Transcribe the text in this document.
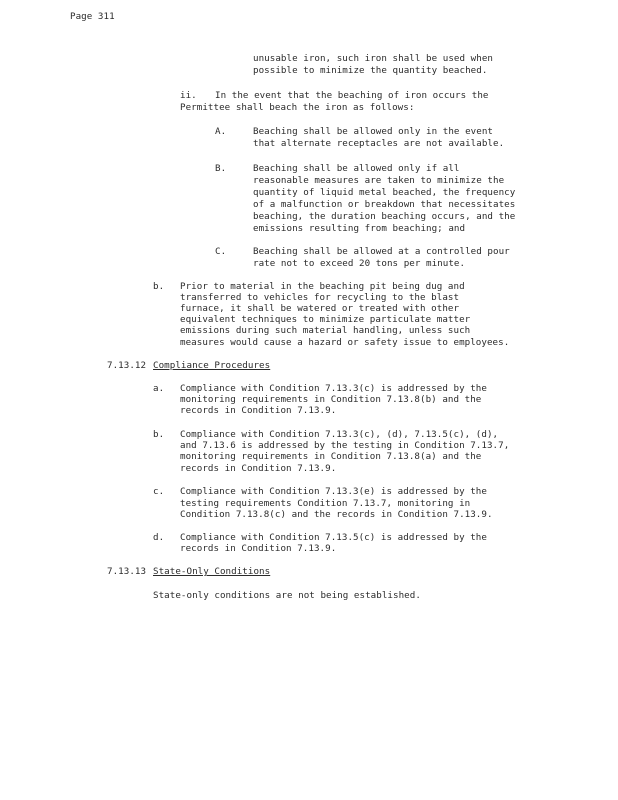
Page 311

unusable iron, such iron shall be used when

possible to minimize the quantity beached.

ii. In the event that the beaching of iron occurs the

Permittee shall beach the iron as follows:

A.	Beaching shall be allowed only in the event

that alternate receptacles are not available.

B.	Beaching shall be allowed only if all

reasonable measures are taken to minimize the

quantity of liquid metal beached, the frequency

of a malfunction or breakdown that necessitates

beaching, the duration beaching occurs, and the

emissions resulting from beaching; and

C.	Beaching shall be allowed at a controlled pour

rate not to exceed 20 tons per minute.

b. Prior to material in the beaching pit being dug and

transferred to vehicles for recycling to the blast

furnace, it shall be watered or treated with other

equivalent techniques to minimize particulate matter

emissions during such material handling, unless such

measures would cause a hazard or safety issue to employees.

7.13.12 Compliance Procedures

a. Compliance with Condition 7.13.3(c) is addressed by the

monitoring requirements in Condition 7.13.8(b) and the

records in Condition 7.13.9.

b. Compliance with Condition 7.13.3(c), (d), 7.13.5(c), (d),

and 7.13.6 is addressed by the testing in Condition 7.13.7,

monitoring requirements in Condition 7.13.8(a) and the

records in Condition 7.13.9.

c. Compliance with Condition 7.13.3(e) is addressed by the

testing requirements Condition 7.13.7, monitoring in

Condition 7.13.8(c) and the records in Condition 7.13.9.

d. Compliance with Condition 7.13.5(c) is addressed by the

records in Condition 7.13.9.

7.13.13 State-Only Conditions

State-only conditions are not being established.
